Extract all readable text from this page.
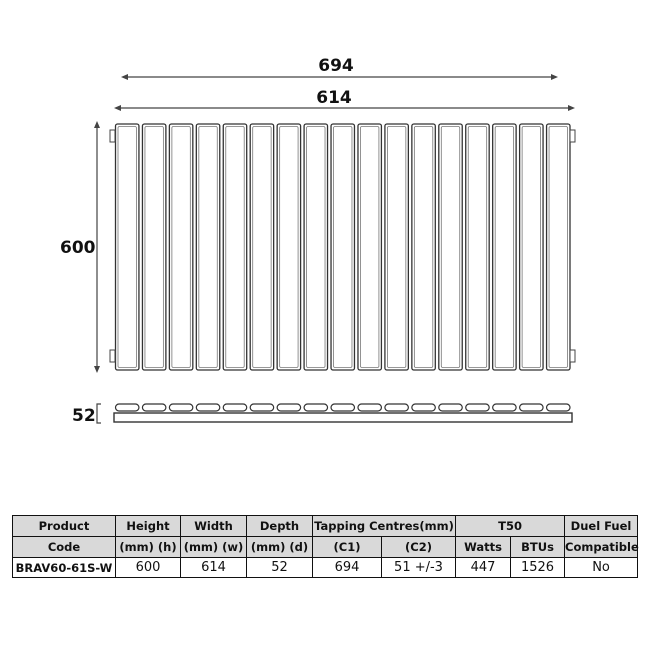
694
614
600
52
Product	Height	Width	Depth	Tapping Centres(mm)		T50		Duel Fuel
Code	(mm) (h)	(mm) (w)	(mm) (d)	(C1)	(C2)	Watts	BTUs	Compatible
BRAV60-61S-W	600	614	52	694	51 +/-3	447	1526	No
